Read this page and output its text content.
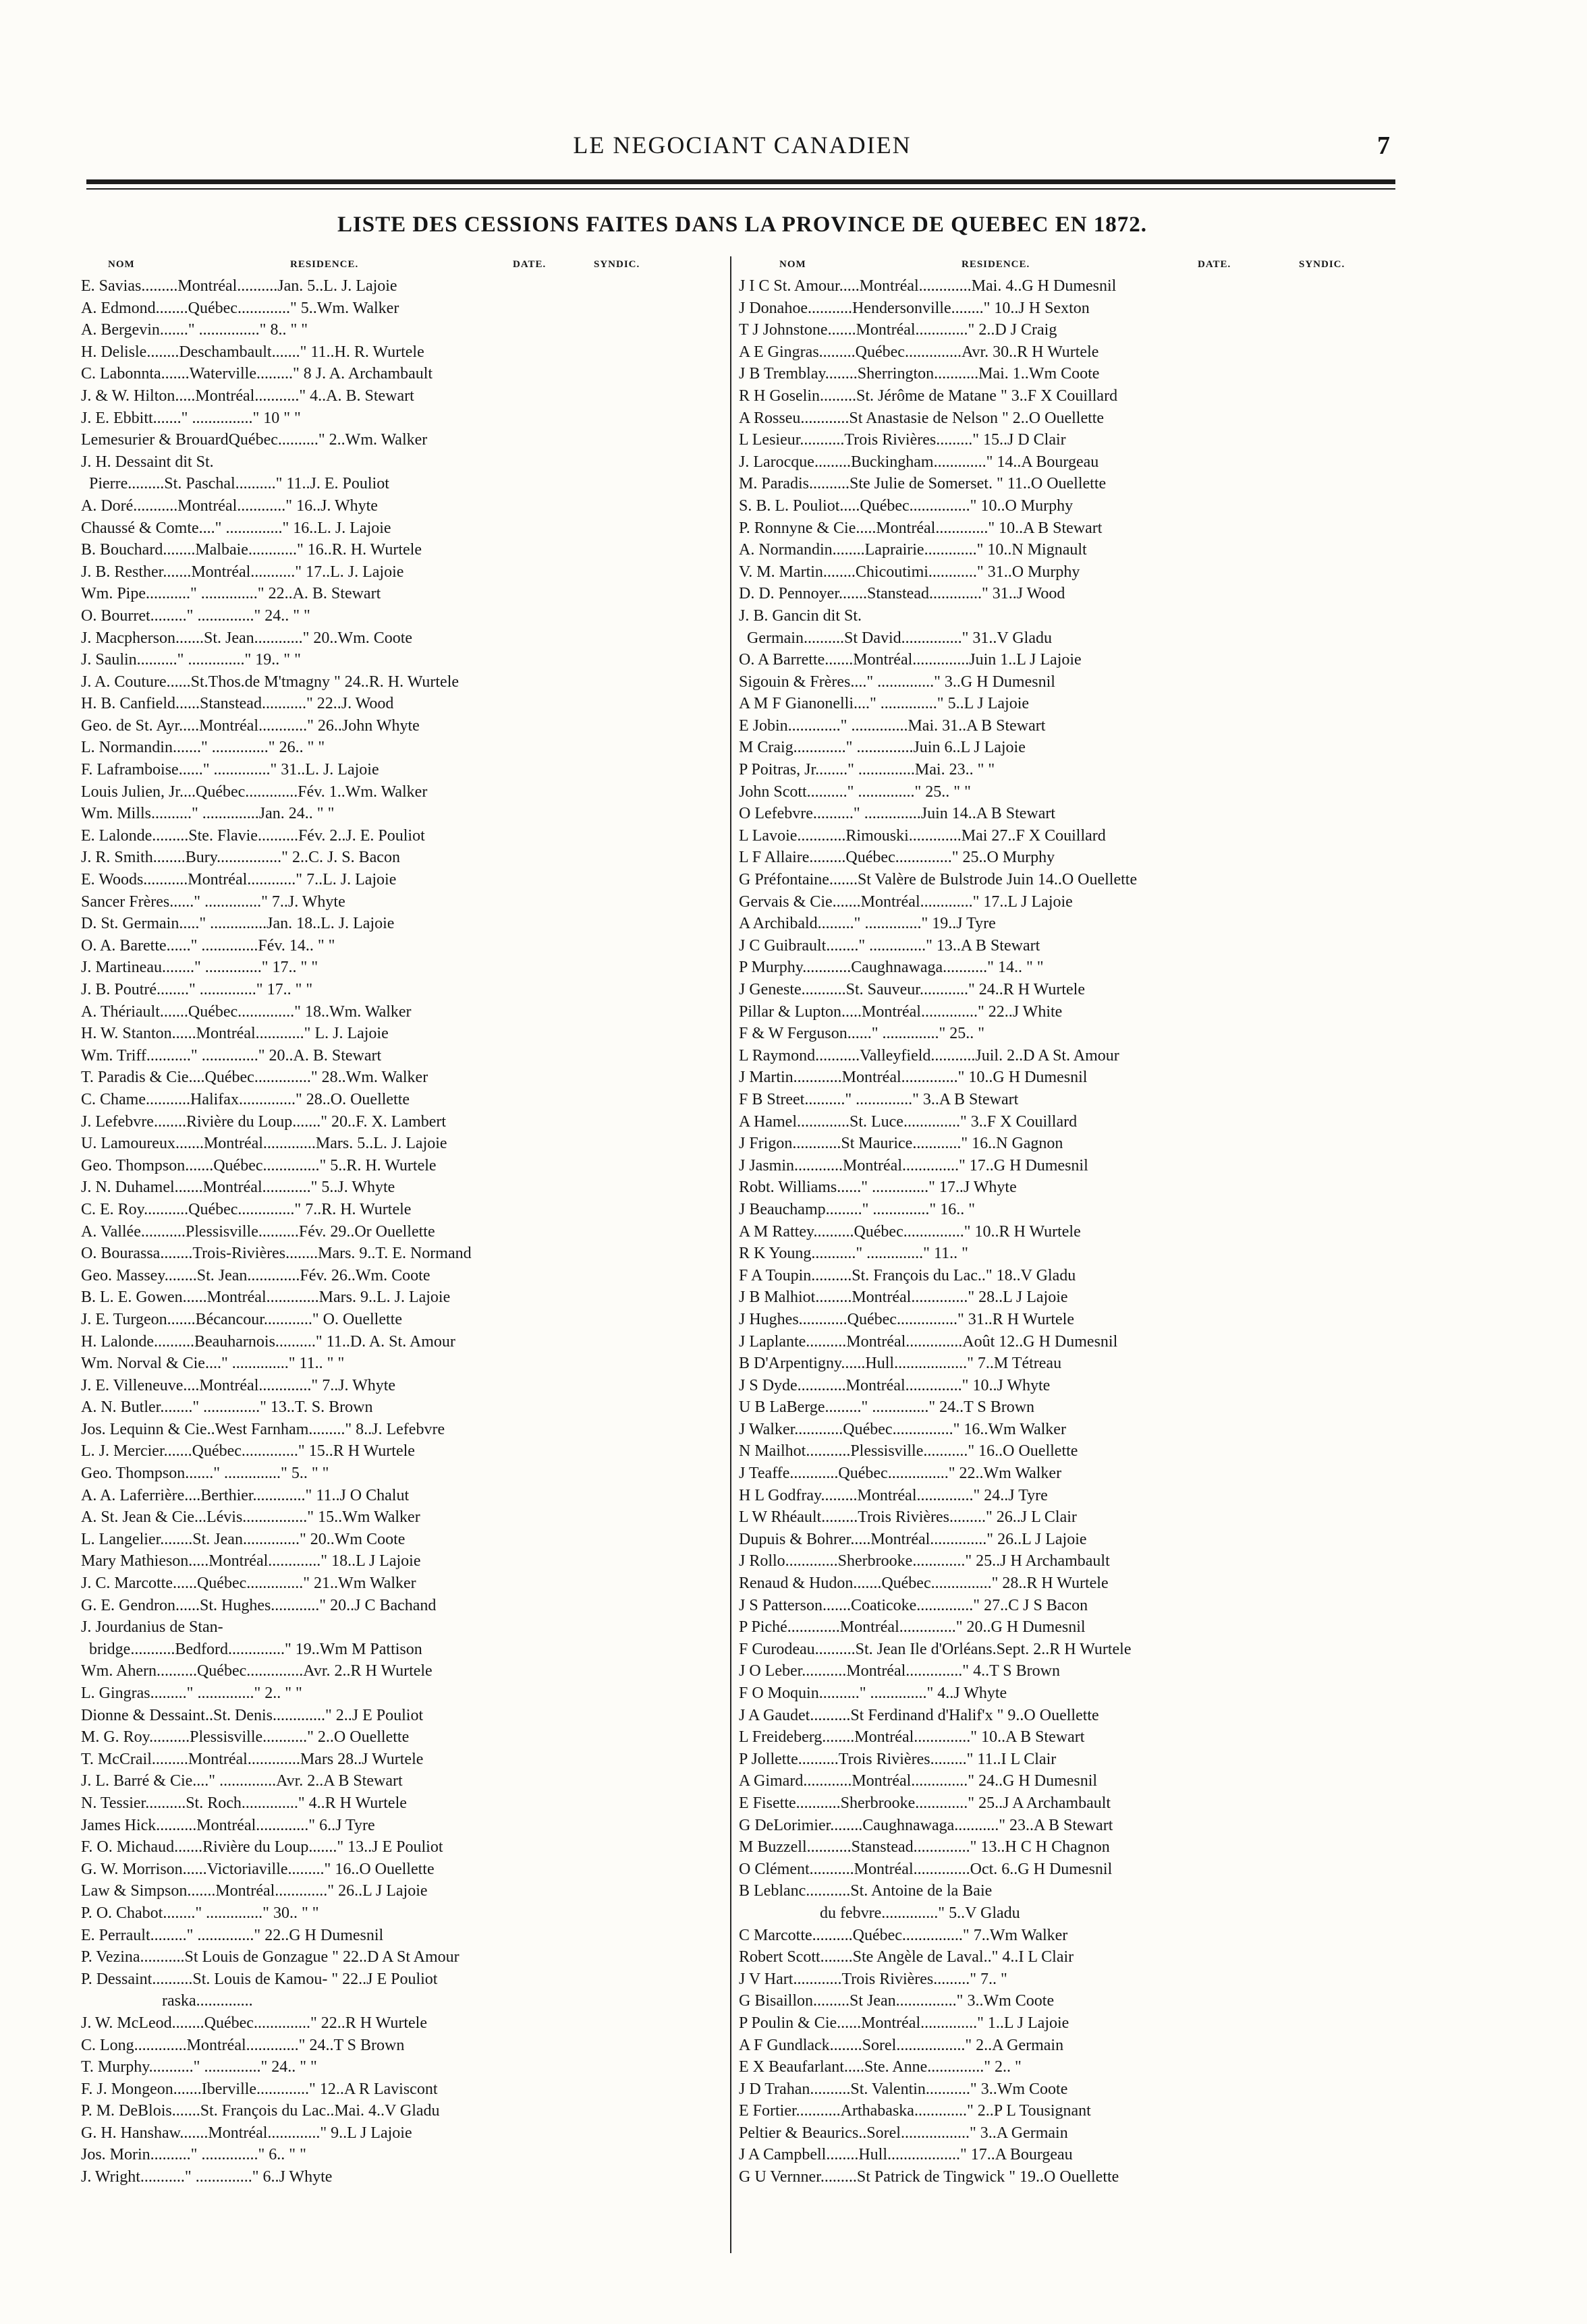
LE NEGOCIANT CANADIEN	7
LISTE DES CESSIONS FAITES DANS LA PROVINCE DE QUEBEC EN 1872.
NOM	RESIDENCE.	DATE.	SYNDIC.
E. Savias.........Montréal..........Jan. 5..L. J. Lajoie
A. Edmond........Québec............." 5..Wm. Walker
A. Bergevin......." ..............." 8.. " "
H. Delisle........Deschambault......." 11..H. R. Wurtele
C. Labonnta.......Waterville........." 8 J. A. Archambault
J. & W. Hilton.....Montréal..........." 4..A. B. Stewart
J. E. Ebbitt......." ..............." 10 " "
Lemesurier & BrouardQuébec.........." 2..Wm. Walker
J. H. Dessaint dit St.
Pierre.........St. Paschal.........." 11..J. E. Pouliot
A. Doré...........Montréal............" 16..J. Whyte
Chaussé & Comte...." .............." 16..L. J. Lajoie
B. Bouchard........Malbaie............" 16..R. H. Wurtele
J. B. Resther.......Montréal..........." 17..L. J. Lajoie
Wm. Pipe..........." .............." 22..A. B. Stewart
O. Bourret........." .............." 24.. " "
J. Macpherson.......St. Jean............" 20..Wm. Coote
J. Saulin.........." .............." 19.. " "
J. A. Couture......St.Thos.de M'tmagny " 24..R. H. Wurtele
H. B. Canfield......Stanstead..........." 22..J. Wood
Geo. de St. Ayr.....Montréal............" 26..John Whyte
L. Normandin......." .............." 26.. " "
F. Laframboise......" .............." 31..L. J. Lajoie
Louis Julien, Jr....Québec.............Fév. 1..Wm. Walker
Wm. Mills.........." ..............Jan. 24.. " "
E. Lalonde.........Ste. Flavie..........Fév. 2..J. E. Pouliot
J. R. Smith........Bury................" 2..C. J. S. Bacon
E. Woods...........Montréal............" 7..L. J. Lajoie
Sancer Frères......" .............." 7..J. Whyte
D. St. Germain....." ..............Jan. 18..L. J. Lajoie
O. A. Barette......" ..............Fév. 14.. " "
J. Martineau........" .............." 17.. " "
J. B. Poutré........" .............." 17.. " "
A. Thériault.......Québec.............." 18..Wm. Walker
H. W. Stanton......Montréal............" L. J. Lajoie
Wm. Triff..........." .............." 20..A. B. Stewart
T. Paradis & Cie....Québec.............." 28..Wm. Walker
C. Chame...........Halifax.............." 28..O. Ouellette
J. Lefebvre........Rivière du Loup......." 20..F. X. Lambert
U. Lamoureux.......Montréal.............Mars. 5..L. J. Lajoie
Geo. Thompson.......Québec.............." 5..R. H. Wurtele
J. N. Duhamel.......Montréal............" 5..J. Whyte
C. E. Roy...........Québec.............." 7..R. H. Wurtele
A. Vallée...........Plessisville..........Fév. 29..Or Ouellette
O. Bourassa........Trois-Rivières........Mars. 9..T. E. Normand
Geo. Massey........St. Jean.............Fév. 26..Wm. Coote
B. L. E. Gowen......Montréal.............Mars. 9..L. J. Lajoie
J. E. Turgeon.......Bécancour............" O. Ouellette
H. Lalonde..........Beauharnois.........." 11..D. A. St. Amour
Wm. Norval & Cie...." .............." 11.. " "
J. E. Villeneuve....Montréal............." 7..J. Whyte
A. N. Butler........" .............." 13..T. S. Brown
Jos. Lequinn & Cie..West Farnham........." 8..J. Lefebvre
L. J. Mercier.......Québec.............." 15..R H Wurtele
Geo. Thompson......." .............." 5.. " "
A. A. Laferrière....Berthier............." 11..J O Chalut
A. St. Jean & Cie...Lévis................" 15..Wm Walker
L. Langelier........St. Jean.............." 20..Wm Coote
Mary Mathieson.....Montréal............." 18..L J Lajoie
J. C. Marcotte......Québec.............." 21..Wm Walker
G. E. Gendron......St. Hughes............" 20..J C Bachand
J. Jourdanius de Stan-
bridge...........Bedford.............." 19..Wm M Pattison
Wm. Ahern..........Québec..............Avr. 2..R H Wurtele
L. Gingras........." .............." 2.. " "
Dionne & Dessaint..St. Denis............." 2..J E Pouliot
M. G. Roy..........Plessisville..........." 2..O Ouellette
T. McCrail.........Montréal.............Mars 28..J Wurtele
J. L. Barré & Cie...." ..............Avr. 2..A B Stewart
N. Tessier..........St. Roch.............." 4..R H Wurtele
James Hick..........Montréal............." 6..J Tyre
F. O. Michaud.......Rivière du Loup......." 13..J E Pouliot
G. W. Morrison......Victoriaville........." 16..O Ouellette
Law & Simpson.......Montréal............." 26..L J Lajoie
P. O. Chabot........" .............." 30.. " "
E. Perrault........." .............." 22..G H Dumesnil
P. Vezina...........St Louis de Gonzague " 22..D A St Amour
P. Dessaint..........St. Louis de Kamou- " 22..J E Pouliot
raska..............
J. W. McLeod........Québec.............." 22..R H Wurtele
C. Long.............Montréal............." 24..T S Brown
T. Murphy..........." .............." 24.. " "
F. J. Mongeon.......Iberville............." 12..A R Laviscont
P. M. DeBlois.......St. François du Lac..Mai. 4..V Gladu
G. H. Hanshaw.......Montréal............." 9..L J Lajoie
Jos. Morin.........." .............." 6.. " "
J. Wright..........." .............." 6..J Whyte
NOM	RESIDENCE.	DATE.	SYNDIC.
J I C St. Amour.....Montréal.............Mai. 4..G H Dumesnil
J Donahoe...........Hendersonville........" 10..J H Sexton
T J Johnstone.......Montréal............." 2..D J Craig
A E Gingras.........Québec..............Avr. 30..R H Wurtele
J B Tremblay........Sherrington...........Mai. 1..Wm Coote
R H Goselin.........St. Jérôme de Matane " 3..F X Couillard
A Rosseu............St Anastasie de Nelson " 2..O Ouellette
L Lesieur...........Trois Rivières........." 15..J D Clair
J. Larocque.........Buckingham............." 14..A Bourgeau
M. Paradis..........Ste Julie de Somerset. " 11..O Ouellette
S. B. L. Pouliot.....Québec..............." 10..O Murphy
P. Ronnyne & Cie.....Montréal............." 10..A B Stewart
A. Normandin........Laprairie............." 10..N Mignault
V. M. Martin........Chicoutimi............" 31..O Murphy
D. D. Pennoyer.......Stanstead............." 31..J Wood
J. B. Gancin dit St.
Germain..........St David..............." 31..V Gladu
O. A Barrette.......Montréal..............Juin 1..L J Lajoie
Sigouin & Frères...." .............." 3..G H Dumesnil
A M F Gianonelli...." .............." 5..L J Lajoie
E Jobin............." ..............Mai. 31..A B Stewart
M Craig............." ..............Juin 6..L J Lajoie
P Poitras, Jr........" ..............Mai. 23.. " "
John Scott.........." .............." 25.. " "
O Lefebvre.........." ..............Juin 14..A B Stewart
L Lavoie............Rimouski.............Mai 27..F X Couillard
L F Allaire.........Québec.............." 25..O Murphy
G Préfontaine.......St Valère de Bulstrode Juin 14..O Ouellette
Gervais & Cie.......Montréal............." 17..L J Lajoie
A Archibald........." .............." 19..J Tyre
J C Guibrault........" .............." 13..A B Stewart
P Murphy............Caughnawaga..........." 14.. " "
J Geneste...........St. Sauveur............" 24..R H Wurtele
Pillar & Lupton.....Montréal.............." 22..J White
F & W Ferguson......" .............." 25.. "
L Raymond...........Valleyfield...........Juil. 2..D A St. Amour
J Martin............Montréal.............." 10..G H Dumesnil
F B Street.........." .............." 3..A B Stewart
A Hamel.............St. Luce.............." 3..F X Couillard
J Frigon............St Maurice............" 16..N Gagnon
J Jasmin............Montréal.............." 17..G H Dumesnil
Robt. Williams......" .............." 17..J Whyte
J Beauchamp........." .............." 16.. "
A M Rattey..........Québec..............." 10..R H Wurtele
R K Young..........." .............." 11.. "
F A Toupin..........St. François du Lac.." 18..V Gladu
J B Malhiot.........Montréal.............." 28..L J Lajoie
J Hughes............Québec..............." 31..R H Wurtele
J Laplante..........Montréal..............Août 12..G H Dumesnil
B D'Arpentigny......Hull.................." 7..M Tétreau
J S Dyde............Montréal.............." 10..J Whyte
U B LaBerge........." .............." 24..T S Brown
J Walker............Québec..............." 16..Wm Walker
N Mailhot...........Plessisville..........." 16..O Ouellette
J Teaffe............Québec..............." 22..Wm Walker
H L Godfray.........Montréal.............." 24..J Tyre
L W Rhéault.........Trois Rivières........." 26..J L Clair
Dupuis & Bohrer.....Montréal.............." 26..L J Lajoie
J Rollo.............Sherbrooke............." 25..J H Archambault
Renaud & Hudon.......Québec..............." 28..R H Wurtele
J S Patterson.......Coaticoke.............." 27..C J S Bacon
P Piché.............Montréal.............." 20..G H Dumesnil
F Curodeau..........St. Jean Ile d'Orléans.Sept. 2..R H Wurtele
J O Leber...........Montréal.............." 4..T S Brown
F O Moquin.........." .............." 4..J Whyte
J A Gaudet..........St Ferdinand d'Halif'x " 9..O Ouellette
L Freideberg........Montréal.............." 10..A B Stewart
P Jollette..........Trois Rivières........." 11..I L Clair
A Gimard............Montréal.............." 24..G H Dumesnil
E Fisette...........Sherbrooke............." 25..J A Archambault
G DeLorimier........Caughnawaga..........." 23..A B Stewart
M Buzzell...........Stanstead.............." 13..H C H Chagnon
O Clément...........Montréal..............Oct. 6..G H Dumesnil
B Leblanc...........St. Antoine de la Baie
du febvre.............." 5..V Gladu
C Marcotte..........Québec..............." 7..Wm Walker
Robert Scott........Ste Angèle de Laval.." 4..I L Clair
J V Hart............Trois Rivières........." 7.. "
G Bisaillon.........St Jean..............." 3..Wm Coote
P Poulin & Cie......Montréal.............." 1..L J Lajoie
A F Gundlack........Sorel................." 2..A Germain
E X Beaufarlant.....Ste. Anne.............." 2.. "
J D Trahan..........St. Valentin..........." 3..Wm Coote
E Fortier...........Arthabaska............." 2..P L Tousignant
Peltier & Beaurics..Sorel................." 3..A Germain
J A Campbell........Hull.................." 17..A Bourgeau
G U Vernner.........St Patrick de Tingwick " 19..O Ouellette
